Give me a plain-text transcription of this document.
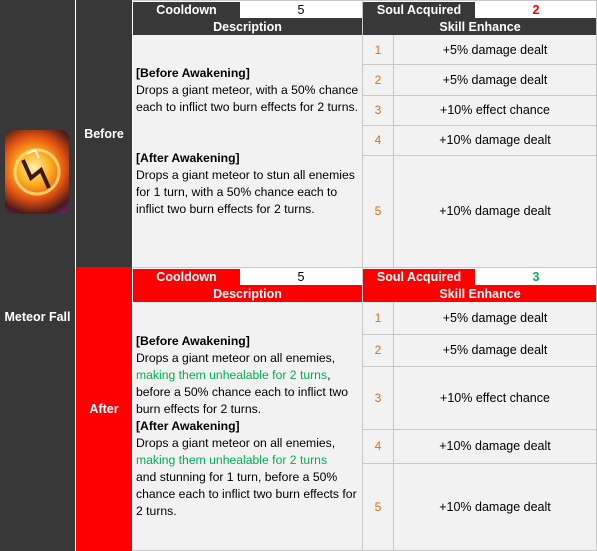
Meteor Fall
Before
Cooldown	5	Soul Acquired	2
Description	Skill Enhance
[Before Awakening]
Drops a giant meteor, with a 50% chance each to inflict two burn effects for 2 turns.
[After Awakening]
Drops a giant meteor to stun all enemies for 1 turn, with a 50% chance each to inflict two burn effects for 2 turns.
1	+5% damage dealt
2	+5% damage dealt
3	+10% effect chance
4	+10% damage dealt
5	+10% damage dealt
After
Cooldown	5	Soul Acquired	3
Description	Skill Enhance
[Before Awakening]
Drops a giant meteor on all enemies,
making them unhealable for 2 turns, before a 50% chance each to inflict two burn effects for 2 turns.
[After Awakening]
Drops a giant meteor on all enemies,
making them unhealable for 2 turns
and stunning for 1 turn, before a 50% chance each to inflict two burn effects for 2 turns.
1	+5% damage dealt
2	+5% damage dealt
3	+10% effect chance
4	+10% damage dealt
5	+10% damage dealt
